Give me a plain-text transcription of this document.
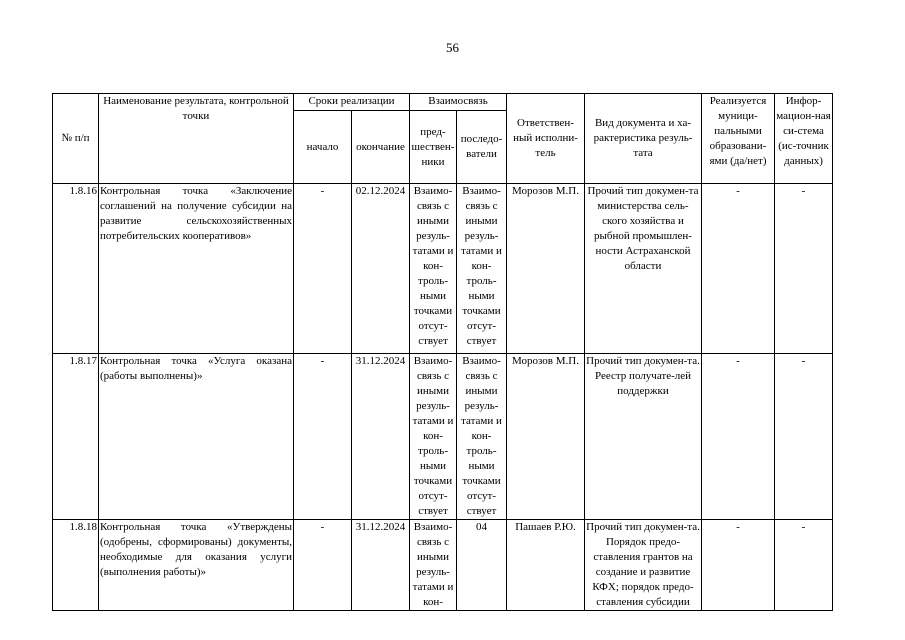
56
№ п/п	Наименование результата, контрольной точки	Сроки реализации		Взаимосвязь		Ответствен-ный исполни-тель	Вид документа и ха-рактеристика резуль-тата	Реализуется муници-пальными образовани-ями (да/нет)	Инфор-мацион-ная си-стема (ис-точник данных)
		начало	окончание	пред-шествен-ники	последо-ватели				
1.8.16	Контрольная точка «Заключение соглашений на получение субсидии на развитие сельскохозяйственных потребительских кооперативов»	-	02.12.2024	Взаимо-связь с иными резуль-татами и кон-троль-ными точками отсут-ствует	Взаимо-связь с иными резуль-татами и кон-троль-ными точками отсут-ствует	Морозов М.П.	Прочий тип докумен-та министерства сель-ского хозяйства и рыбной промышлен-ности Астраханской области	-	-
1.8.17	Контрольная точка «Услуга оказана (работы выполнены)»	-	31.12.2024	Взаимо-связь с иными резуль-татами и кон-троль-ными точками отсут-ствует	Взаимо-связь с иными резуль-татами и кон-троль-ными точками отсут-ствует	Морозов М.П.	Прочий тип докумен-та. Реестр получате-лей поддержки	-	-
1.8.18	Контрольная точка «Утверждены (одобрены, сформированы) документы, необходимые для оказания услуги (выполнения работы)»	-	31.12.2024	Взаимо-связь с иными резуль-татами и кон-	04	Пашаев Р.Ю.	Прочий тип докумен-та. Порядок предо-ставления грантов на создание и развитие КФХ; порядок предо-ставления субсидии	-	-
